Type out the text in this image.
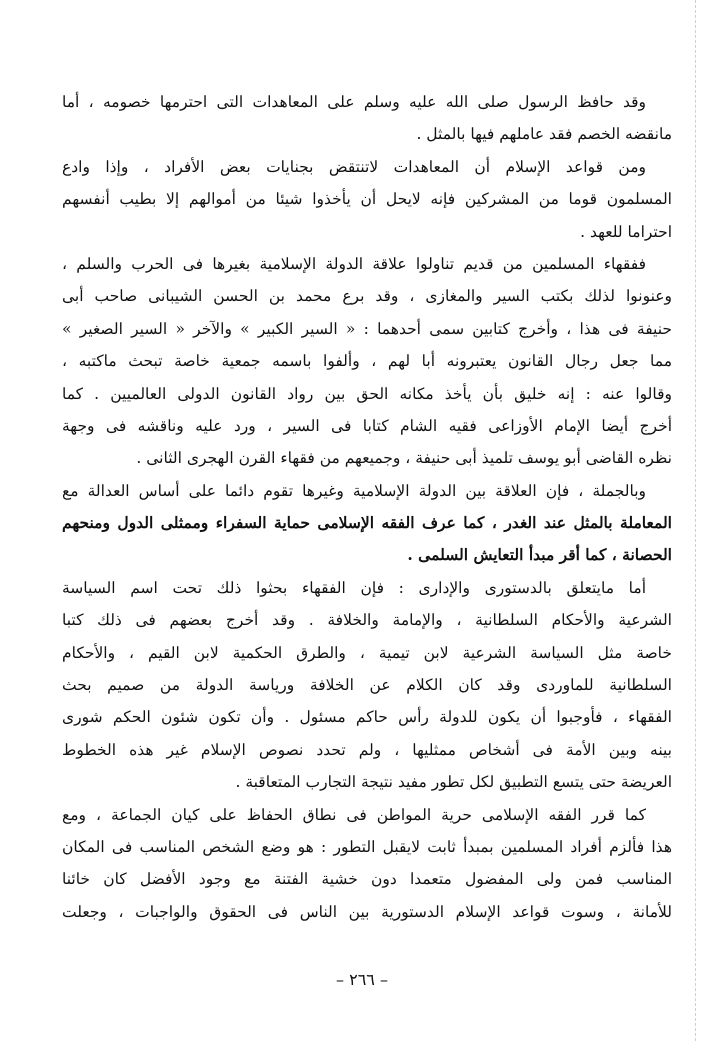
وقد حافظ الرسول صلى الله عليه وسلم على المعاهدات التى احترمها خصومه ، أما
مانقضه الخصم فقد عاملهم فيها بالمثل .
ومن قواعد الإسلام أن المعاهدات لاتنتقض بجنايات بعض الأفراد ، وإذا وادع
المسلمون قوما من المشركين فإنه لايحل أن يأخذوا شيئا من أموالهم إلا بطيب أنفسهم
احتراما للعهد .
ففقهاء المسلمين من قديم تناولوا علاقة الدولة الإسلامية بغيرها فى الحرب والسلم ،
وعنونوا لذلك بكتب السير والمغازى ، وقد برع محمد بن الحسن الشيبانى صاحب أبى
حنيفة فى هذا ، وأخرج كتابين سمى أحدهما : « السير الكبير » والآخر « السير الصغير »
مما جعل رجال القانون يعتبرونه أبا لهم ، وألفوا باسمه جمعية خاصة تبحث ماكتبه ،
وقالوا عنه : إنه خليق بأن يأخذ مكانه الحق بين رواد القانون الدولى العالميين . كما
أخرج أيضا الإمام الأوزاعى فقيه الشام كتابا فى السير ، ورد عليه وناقشه فى وجهة
نظره القاضى أبو يوسف تلميذ أبى حنيفة ، وجميعهم من فقهاء القرن الهجرى الثانى .
وبالجملة ، فإن العلاقة بين الدولة الإسلامية وغيرها تقوم دائما على أساس العدالة مع
المعاملة بالمثل عند الغدر ، كما عرف الفقه الإسلامى حماية السفراء وممثلى الدول ومنحهم
الحصانة ، كما أقر مبدأ التعايش السلمى .
أما مايتعلق بالدستورى والإدارى : فإن الفقهاء بحثوا ذلك تحت اسم السياسة
الشرعية والأحكام السلطانية ، والإمامة والخلافة . وقد أخرج بعضهم فى ذلك كتبا
خاصة مثل السياسة الشرعية لابن تيمية ، والطرق الحكمية لابن القيم ، والأحكام
السلطانية للماوردى وقد كان الكلام عن الخلافة ورياسة الدولة من صميم بحث
الفقهاء ، فأوجبوا أن يكون للدولة رأس حاكم مسئول . وأن تكون شئون الحكم شورى
بينه وبين الأمة فى أشخاص ممثليها ، ولم تحدد نصوص الإسلام غير هذه الخطوط
العريضة حتى يتسع التطبيق لكل تطور مفيد نتيجة التجارب المتعاقبة .
كما قرر الفقه الإسلامى حرية المواطن فى نطاق الحفاظ على كيان الجماعة ، ومع
هذا فألزم أفراد المسلمين بمبدأ ثابت لايقبل التطور : هو وضع الشخص المناسب فى المكان
المناسب فمن ولى المفضول متعمدا دون خشية الفتنة مع وجود الأفضل كان خائنا
للأمانة ، وسوت قواعد الإسلام الدستورية بين الناس فى الحقوق والواجبات ، وجعلت
– ٢٦٦ –
